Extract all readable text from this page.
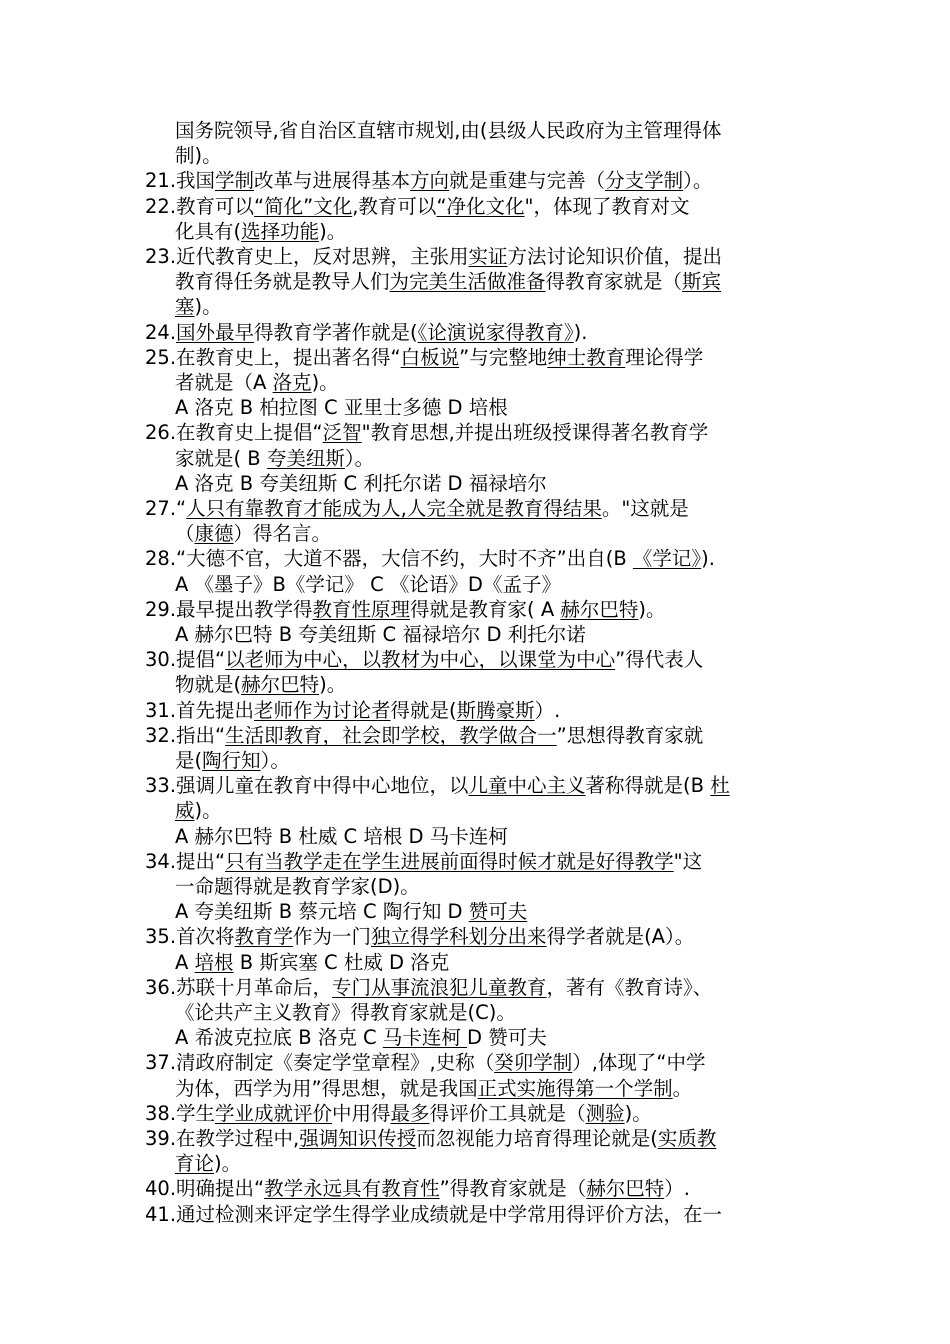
国务院领导,省自治区直辖市规划,由(县级人民政府为主管理得体
制)。
21.我国学制改革与进展得基本方向就是重建与完善（分支学制）。
22.教育可以“简化”文化,教育可以“净化文化"，体现了教育对文
化具有(选择功能)。
23.近代教育史上，反对思辨，主张用实证方法讨论知识价值，提出
教育得任务就是教导人们为完美生活做准备得教育家就是（斯宾
塞)。
24.国外最早得教育学著作就是(《论演说家得教育》).
25.在教育史上，提出著名得“白板说”与完整地绅士教育理论得学
者就是（A 洛克)。
A 洛克 B 柏拉图 C 亚里士多德 D 培根
26.在教育史上提倡“泛智"教育思想,并提出班级授课得著名教育学
家就是( B 夸美纽斯）。
A 洛克 B 夸美纽斯 C 利托尔诺 D 福禄培尔
27.“人只有靠教育才能成为人,人完全就是教育得结果。"这就是
（康德）得名言。
28.“大德不官，大道不器，大信不约，大时不齐”出自(B 《学记》).
A 《墨子》B《学记》 C 《论语》D《孟子》
29.最早提出教学得教育性原理得就是教育家( A 赫尔巴特)。
A 赫尔巴特 B 夸美纽斯 C 福禄培尔 D 利托尔诺
30.提倡“以老师为中心，以教材为中心，以课堂为中心”得代表人
物就是(赫尔巴特)。
31.首先提出老师作为讨论者得就是(斯腾豪斯）.
32.指出“生活即教育，社会即学校，教学做合一”思想得教育家就
是(陶行知）。
33.强调儿童在教育中得中心地位，以儿童中心主义著称得就是(B 杜
威)。
A 赫尔巴特 B 杜威 C 培根 D 马卡连柯
34.提出“只有当教学走在学生进展前面得时候才就是好得教学"这
一命题得就是教育学家(D)。
A 夸美纽斯 B 蔡元培 C 陶行知 D 赞可夫
35.首次将教育学作为一门独立得学科划分出来得学者就是(A）。
A 培根 B 斯宾塞 C 杜威 D 洛克
36.苏联十月革命后，专门从事流浪犯儿童教育，著有《教育诗》、
《论共产主义教育》得教育家就是(C)。
A 希波克拉底 B 洛克 C 马卡连柯 D 赞可夫
37.清政府制定《奏定学堂章程》,史称（癸卯学制）,体现了“中学
为体，西学为用”得思想，就是我国正式实施得第一个学制。
38.学生学业成就评价中用得最多得评价工具就是（测验)。
39.在教学过程中,强调知识传授而忽视能力培育得理论就是(实质教
育论)。
40.明确提出“教学永远具有教育性”得教育家就是（赫尔巴特）.
41.通过检测来评定学生得学业成绩就是中学常用得评价方法，在一
